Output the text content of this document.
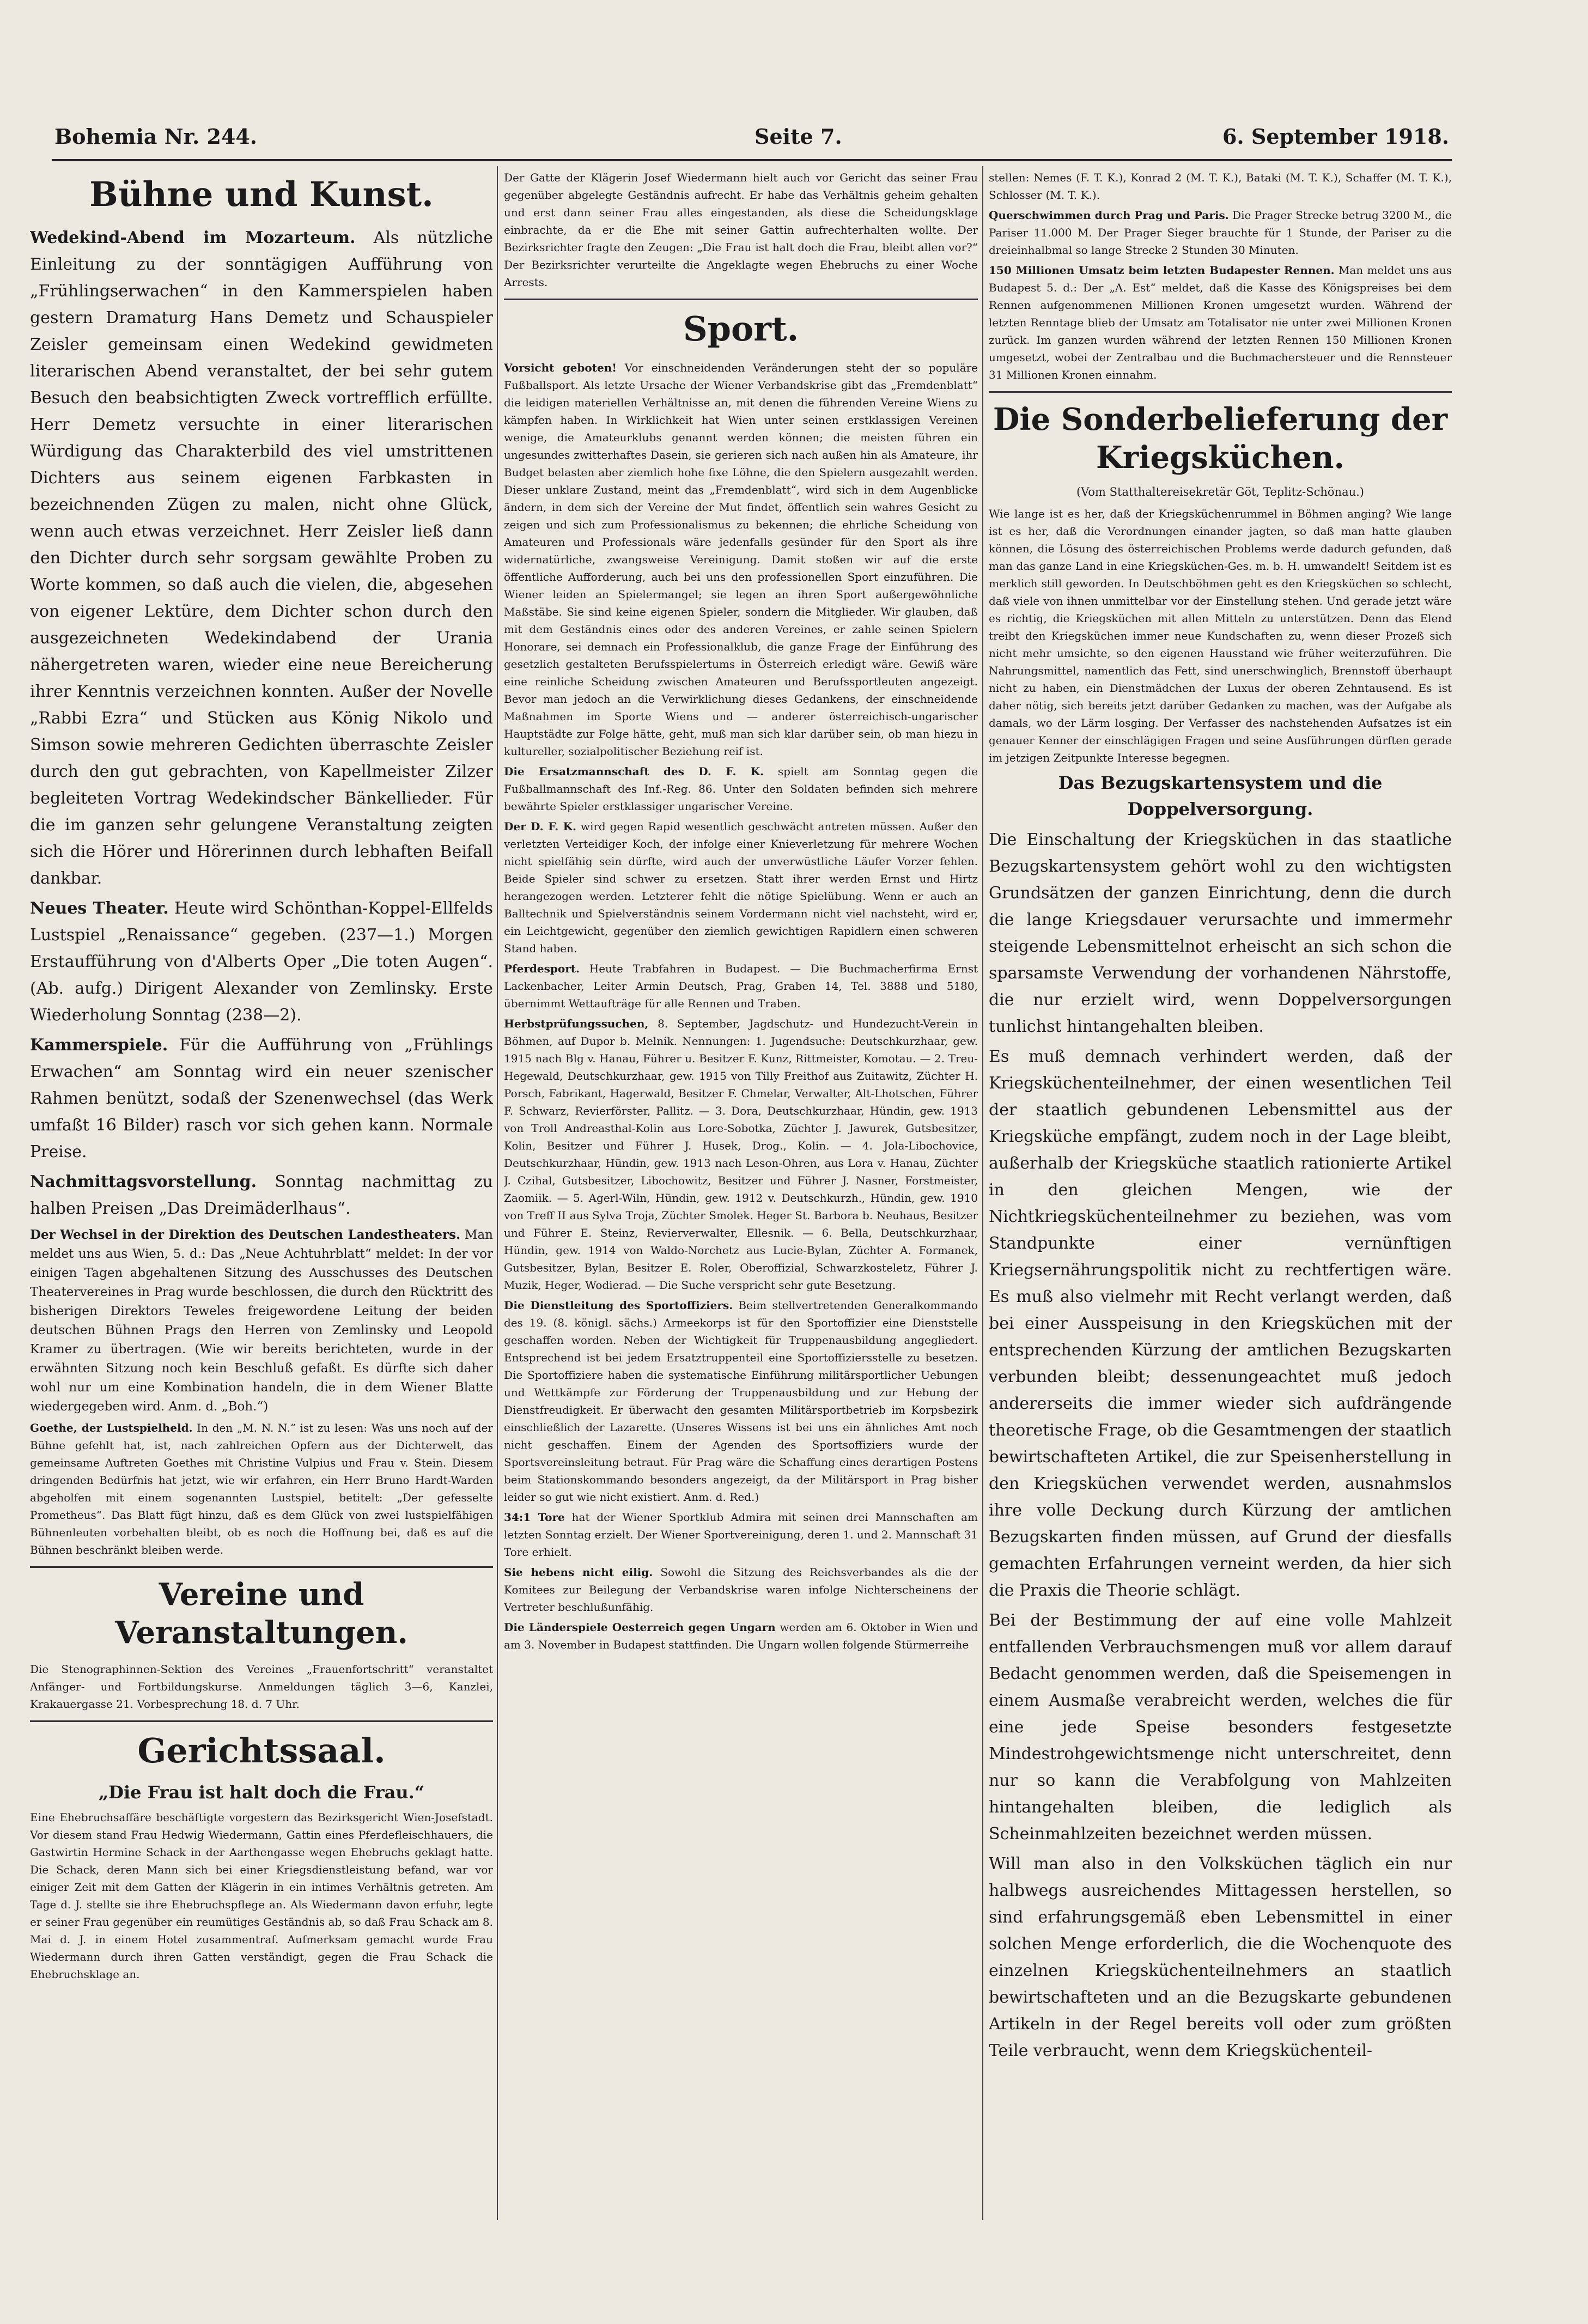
Bohemia Nr. 244.	Seite 7.	6. September 1918.
Bühne und Kunst.

Wedekind-Abend im Mozarteum. Als nützliche Einleitung zu der sonntägigen Aufführung von „Frühlingserwachen“ in den Kammerspielen haben gestern Dramaturg Hans Demetz und Schauspieler Zeisler gemeinsam einen Wedekind gewidmeten literarischen Abend veranstaltet, der bei sehr gutem Besuch den beabsichtigten Zweck vortrefflich erfüllte. Herr Demetz versuchte in einer literarischen Würdigung das Charakterbild des viel umstrittenen Dichters aus seinem eigenen Farbkasten in bezeichnenden Zügen zu malen, nicht ohne Glück, wenn auch etwas verzeichnet. Herr Zeisler ließ dann den Dichter durch sehr sorgsam gewählte Proben zu Worte kommen, so daß auch die vielen, die, abgesehen von eigener Lektüre, dem Dichter schon durch den ausgezeichneten Wedekindabend der Urania nähergetreten waren, wieder eine neue Bereicherung ihrer Kenntnis verzeichnen konnten. Außer der Novelle „Rabbi Ezra“ und Stücken aus König Nikolo und Simson sowie mehreren Gedichten überraschte Zeisler durch den gut gebrachten, von Kapellmeister Zilzer begleiteten Vortrag Wedekindscher Bänkellieder. Für die im ganzen sehr gelungene Veranstaltung zeigten sich die Hörer und Hörerinnen durch lebhaften Beifall dankbar.

Neues Theater. Heute wird Schönthan-Koppel-Ellfelds Lustspiel „Renaissance“ gegeben. (237—1.) Morgen Erstaufführung von d'Alberts Oper „Die toten Augen“. (Ab. aufg.) Dirigent Alexander von Zemlinsky. Erste Wiederholung Sonntag (238—2).

Kammerspiele. Für die Aufführung von „Frühlings Erwachen“ am Sonntag wird ein neuer szenischer Rahmen benützt, sodaß der Szenenwechsel (das Werk umfaßt 16 Bilder) rasch vor sich gehen kann. Normale Preise.

Nachmittagsvorstellung. Sonntag nachmittag zu halben Preisen „Das Dreimäderlhaus“.

Der Wechsel in der Direktion des Deutschen Landestheaters. Man meldet uns aus Wien, 5. d.: Das „Neue Achtuhrblatt“ meldet: In der vor einigen Tagen abgehaltenen Sitzung des Ausschusses des Deutschen Theatervereines in Prag wurde beschlossen, die durch den Rücktritt des bisherigen Direktors Teweles freigewordene Leitung der beiden deutschen Bühnen Prags den Herren von Zemlinsky und Leopold Kramer zu übertragen. (Wie wir bereits berichteten, wurde in der erwähnten Sitzung noch kein Beschluß gefaßt. Es dürfte sich daher wohl nur um eine Kombination handeln, die in dem Wiener Blatte wiedergegeben wird. Anm. d. „Boh.“)

Goethe, der Lustspielheld. In den „M. N. N.“ ist zu lesen: Was uns noch auf der Bühne gefehlt hat, ist, nach zahlreichen Opfern aus der Dichterwelt, das gemeinsame Auftreten Goethes mit Christine Vulpius und Frau v. Stein. Diesem dringenden Bedürfnis hat jetzt, wie wir erfahren, ein Herr Bruno Hardt-Warden abgeholfen mit einem sogenannten Lustspiel, betitelt: „Der gefesselte Prometheus“. Das Blatt fügt hinzu, daß es dem Glück von zwei lustspielfähigen Bühnenleuten vorbehalten bleibt, ob es noch die Hoffnung bei, daß es auf die Bühnen beschränkt bleiben werde.

Vereine und Veranstaltungen.

Die Stenographinnen-Sektion des Vereines „Frauenfortschritt“ veranstaltet Anfänger- und Fortbildungskurse. Anmeldungen täglich 3—6, Kanzlei, Krakauergasse 21. Vorbesprechung 18. d. 7 Uhr.

Gerichtssaal.
„Die Frau ist halt doch die Frau.“

Eine Ehebruchsaffäre beschäftigte vorgestern das Bezirksgericht Wien-Josefstadt. Vor diesem stand Frau Hedwig Wiedermann, Gattin eines Pferdefleischhauers, die Gastwirtin Hermine Schack in der Aarthengasse wegen Ehebruchs geklagt hatte. Die Schack, deren Mann sich bei einer Kriegsdienstleistung befand, war vor einiger Zeit mit dem Gatten der Klägerin in ein intimes Verhältnis getreten. Am Tage d. J. stellte sie ihre Ehebruchspflege an. Als Wiedermann davon erfuhr, legte er seiner Frau gegenüber ein reumütiges Geständnis ab, so daß Frau Schack am 8. Mai d. J. in einem Hotel zusammentraf. Aufmerksam gemacht wurde Frau Wiedermann durch ihren Gatten verständigt, gegen die Frau Schack die Ehebruchsklage an.

Der Gatte der Klägerin Josef Wiedermann hielt auch vor Gericht das seiner Frau gegenüber abgelegte Geständnis aufrecht. Er habe das Verhältnis geheim gehalten und erst dann seiner Frau alles eingestanden, als diese die Scheidungsklage einbrachte, da er die Ehe mit seiner Gattin aufrechterhalten wollte. Der Bezirksrichter fragte den Zeugen: „Die Frau ist halt doch die Frau, bleibt allen vor?“ Der Bezirksrichter verurteilte die Angeklagte wegen Ehebruchs zu einer Woche Arrests.

Sport.

Vorsicht geboten! Vor einschneidenden Veränderungen steht der so populäre Fußballsport. Als letzte Ursache der Wiener Verbandskrise gibt das „Fremdenblatt“ die leidigen materiellen Verhältnisse an, mit denen die führenden Vereine Wiens zu kämpfen haben. In Wirklichkeit hat Wien unter seinen erstklassigen Vereinen wenige, die Amateurklubs genannt werden können; die meisten führen ein ungesundes zwitterhaftes Dasein, sie gerieren sich nach außen hin als Amateure, ihr Budget belasten aber ziemlich hohe fixe Löhne, die den Spielern ausgezahlt werden. Dieser unklare Zustand, meint das „Fremdenblatt“, wird sich in dem Augenblicke ändern, in dem sich der Vereine der Mut findet, öffentlich sein wahres Gesicht zu zeigen und sich zum Professionalismus zu bekennen; die ehrliche Scheidung von Amateuren und Professionals wäre jedenfalls gesünder für den Sport als ihre widernatürliche, zwangsweise Vereinigung. Damit stoßen wir auf die erste öffentliche Aufforderung, auch bei uns den professionellen Sport einzuführen. Die Wiener leiden an Spielermangel; sie legen an ihren Sport außergewöhnliche Maßstäbe. Sie sind keine eigenen Spieler, sondern die Mitglieder. Wir glauben, daß mit dem Geständnis eines oder des anderen Vereines, er zahle seinen Spielern Honorare, sei demnach ein Professionalklub, die ganze Frage der Einführung des gesetzlich gestalteten Berufsspielertums in Österreich erledigt wäre. Gewiß wäre eine reinliche Scheidung zwischen Amateuren und Berufssportleuten angezeigt. Bevor man jedoch an die Verwirklichung dieses Gedankens, der einschneidende Maßnahmen im Sporte Wiens und — anderer österreichisch-ungarischer Hauptstädte zur Folge hätte, geht, muß man sich klar darüber sein, ob man hiezu in kultureller, sozialpolitischer Beziehung reif ist.

Die Ersatzmannschaft des D. F. K. spielt am Sonntag gegen die Fußballmannschaft des Inf.-Reg. 86. Unter den Soldaten befinden sich mehrere bewährte Spieler erstklassiger ungarischer Vereine.

Der D. F. K. wird gegen Rapid wesentlich geschwächt antreten müssen. Außer den verletzten Verteidiger Koch, der infolge einer Knieverletzung für mehrere Wochen nicht spielfähig sein dürfte, wird auch der unverwüstliche Läufer Vorzer fehlen. Beide Spieler sind schwer zu ersetzen. Statt ihrer werden Ernst und Hirtz herangezogen werden. Letzterer fehlt die nötige Spielübung. Wenn er auch an Balltechnik und Spielverständnis seinem Vordermann nicht viel nachsteht, wird er, ein Leichtgewicht, gegenüber den ziemlich gewichtigen Rapidlern einen schweren Stand haben.

Pferdesport. Heute Trabfahren in Budapest. — Die Buchmacherfirma Ernst Lackenbacher, Leiter Armin Deutsch, Prag, Graben 14, Tel. 3888 und 5180, übernimmt Wettaufträge für alle Rennen und Traben.

Herbstprüfungssuchen, 8. September, Jagdschutz- und Hundezucht-Verein in Böhmen, auf Dupor b. Melnik. Nennungen: 1. Jugendsuche: Deutschkurzhaar, gew. 1915 nach Blg v. Hanau, Führer u. Besitzer F. Kunz, Rittmeister, Komotau. — 2. Treu-Hegewald, Deutschkurzhaar, gew. 1915 von Tilly Freithof aus Zuitawitz, Züchter H. Porsch, Fabrikant, Hagerwald, Besitzer F. Chmelar, Verwalter, Alt-Lhotschen, Führer F. Schwarz, Revierförster, Pallitz. — 3. Dora, Deutschkurzhaar, Hündin, gew. 1913 von Troll Andreasthal-Kolin aus Lore-Sobotka, Züchter J. Jawurek, Gutsbesitzer, Kolin, Besitzer und Führer J. Husek, Drog., Kolin. — 4. Jola-Libochovice, Deutschkurzhaar, Hündin, gew. 1913 nach Leson-Ohren, aus Lora v. Hanau, Züchter J. Czihal, Gutsbesitzer, Libochowitz, Besitzer und Führer J. Nasner, Forstmeister, Zaomiik. — 5. Agerl-Wiln, Hündin, gew. 1912 v. Deutschkurzh., Hündin, gew. 1910 von Treff II aus Sylva Troja, Züchter Smolek. Heger St. Barbora b. Neuhaus, Besitzer und Führer E. Steinz, Revierverwalter, Ellesnik. — 6. Bella, Deutschkurzhaar, Hündin, gew. 1914 von Waldo-Norchetz aus Lucie-Bylan, Züchter A. Formanek, Gutsbesitzer, Bylan, Besitzer E. Roler, Oberoffizial, Schwarzkosteletz, Führer J. Muzik, Heger, Wodierad. — Die Suche verspricht sehr gute Besetzung.

Die Dienstleitung des Sportoffiziers. Beim stellvertretenden Generalkommando des 19. (8. königl. sächs.) Armeekorps ist für den Sportoffizier eine Dienststelle geschaffen worden. Neben der Wichtigkeit für Truppenausbildung angegliedert. Entsprechend ist bei jedem Ersatztruppenteil eine Sportoffiziersstelle zu besetzen. Die Sportoffiziere haben die systematische Einführung militärsportlicher Uebungen und Wettkämpfe zur Förderung der Truppenausbildung und zur Hebung der Dienstfreudigkeit. Er überwacht den gesamten Militärsportbetrieb im Korpsbezirk einschließlich der Lazarette. (Unseres Wissens ist bei uns ein ähnliches Amt noch nicht geschaffen. Einem der Agenden des Sportsoffiziers wurde der Sportsvereinsleitung betraut. Für Prag wäre die Schaffung eines derartigen Postens beim Stationskommando besonders angezeigt, da der Militärsport in Prag bisher leider so gut wie nicht existiert. Anm. d. Red.)

34:1 Tore hat der Wiener Sportklub Admira mit seinen drei Mannschaften am letzten Sonntag erzielt. Der Wiener Sportvereinigung, deren 1. und 2. Mannschaft 31 Tore erhielt.

Sie hebens nicht eilig. Sowohl die Sitzung des Reichsverbandes als die der Komitees zur Beilegung der Verbandskrise waren infolge Nichterscheinens der Vertreter beschlußunfähig.

Die Länderspiele Oesterreich gegen Ungarn werden am 6. Oktober in Wien und am 3. November in Budapest stattfinden. Die Ungarn wollen folgende Stürmerreihe

stellen: Nemes (F. T. K.), Konrad 2 (M. T. K.), Bataki (M. T. K.), Schaffer (M. T. K.), Schlosser (M. T. K.).

Querschwimmen durch Prag und Paris. Die Prager Strecke betrug 3200 M., die Pariser 11.000 M. Der Prager Sieger brauchte für 1 Stunde, der Pariser zu die dreieinhalbmal so lange Strecke 2 Stunden 30 Minuten.

150 Millionen Umsatz beim letzten Budapester Rennen. Man meldet uns aus Budapest 5. d.: Der „A. Est“ meldet, daß die Kasse des Königspreises bei dem Rennen aufgenommenen Millionen Kronen umgesetzt wurden. Während der letzten Renntage blieb der Umsatz am Totalisator nie unter zwei Millionen Kronen zurück. Im ganzen wurden während der letzten Rennen 150 Millionen Kronen umgesetzt, wobei der Zentralbau und die Buchmachersteuer und die Rennsteuer 31 Millionen Kronen einnahm.

Die Sonderbelieferung der Kriegsküchen.
(Vom Statthaltereisekretär Göt, Teplitz-Schönau.)

Wie lange ist es her, daß der Kriegsküchenrummel in Böhmen anging? Wie lange ist es her, daß die Verordnungen einander jagten, so daß man hatte glauben können, die Lösung des österreichischen Problems werde dadurch gefunden, daß man das ganze Land in eine Kriegsküchen-Ges. m. b. H. umwandelt! Seitdem ist es merklich still geworden. In Deutschböhmen geht es den Kriegsküchen so schlecht, daß viele von ihnen unmittelbar vor der Einstellung stehen. Und gerade jetzt wäre es richtig, die Kriegsküchen mit allen Mitteln zu unterstützen. Denn das Elend treibt den Kriegsküchen immer neue Kundschaften zu, wenn dieser Prozeß sich nicht mehr umsichte, so den eigenen Hausstand wie früher weiterzuführen. Die Nahrungsmittel, namentlich das Fett, sind unerschwinglich, Brennstoff überhaupt nicht zu haben, ein Dienstmädchen der Luxus der oberen Zehntausend. Es ist daher nötig, sich bereits jetzt darüber Gedanken zu machen, was der Aufgabe als damals, wo der Lärm losging. Der Verfasser des nachstehenden Aufsatzes ist ein genauer Kenner der einschlägigen Fragen und seine Ausführungen dürften gerade im jetzigen Zeitpunkte Interesse begegnen.

Das Bezugskartensystem und die Doppelversorgung.

Die Einschaltung der Kriegsküchen in das staatliche Bezugskartensystem gehört wohl zu den wichtigsten Grundsätzen der ganzen Einrichtung, denn die durch die lange Kriegsdauer verursachte und immermehr steigende Lebensmittelnot erheischt an sich schon die sparsamste Verwendung der vorhandenen Nährstoffe, die nur erzielt wird, wenn Doppelversorgungen tunlichst hintangehalten bleiben.

Es muß demnach verhindert werden, daß der Kriegsküchenteilnehmer, der einen wesentlichen Teil der staatlich gebundenen Lebensmittel aus der Kriegsküche empfängt, zudem noch in der Lage bleibt, außerhalb der Kriegsküche staatlich rationierte Artikel in den gleichen Mengen, wie der Nichtkriegsküchenteilnehmer zu beziehen, was vom Standpunkte einer vernünftigen Kriegsernährungspolitik nicht zu rechtfertigen wäre. Es muß also vielmehr mit Recht verlangt werden, daß bei einer Ausspeisung in den Kriegsküchen mit der entsprechenden Kürzung der amtlichen Bezugskarten verbunden bleibt; dessenungeachtet muß jedoch andererseits die immer wieder sich aufdrängende theoretische Frage, ob die Gesamtmengen der staatlich bewirtschafteten Artikel, die zur Speisenherstellung in den Kriegsküchen verwendet werden, ausnahmslos ihre volle Deckung durch Kürzung der amtlichen Bezugskarten finden müssen, auf Grund der diesfalls gemachten Erfahrungen verneint werden, da hier sich die Praxis die Theorie schlägt.

Bei der Bestimmung der auf eine volle Mahlzeit entfallenden Verbrauchsmengen muß vor allem darauf Bedacht genommen werden, daß die Speisemengen in einem Ausmaße verabreicht werden, welches die für eine jede Speise besonders festgesetzte Mindestrohgewichtsmenge nicht unterschreitet, denn nur so kann die Verabfolgung von Mahlzeiten hintangehalten bleiben, die lediglich als Scheinmahlzeiten bezeichnet werden müssen.

Will man also in den Volksküchen täglich ein nur halbwegs ausreichendes Mittagessen herstellen, so sind erfahrungsgemäß eben Lebensmittel in einer solchen Menge erforderlich, die die Wochenquote des einzelnen Kriegsküchenteilnehmers an staatlich bewirtschafteten und an die Bezugskarte gebundenen Artikeln in der Regel bereits voll oder zum größten Teile verbraucht, wenn dem Kriegsküchenteil-
